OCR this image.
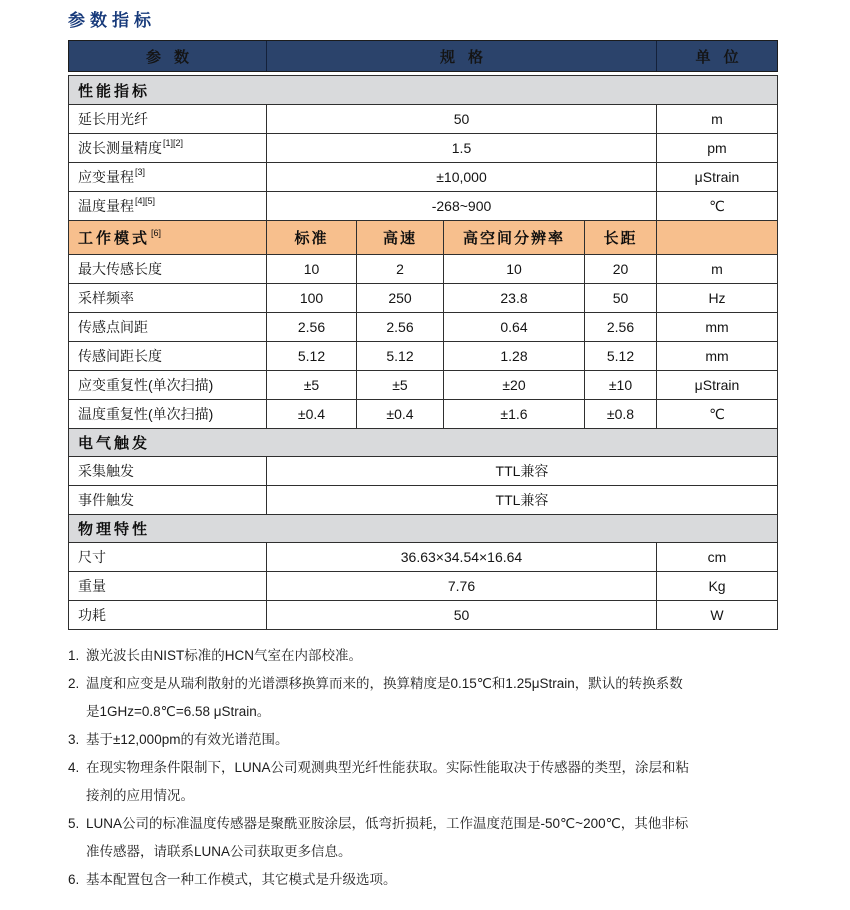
参数指标
参数	规格	单位
性能指标
延长用光纤	50	m
波长测量精度[1][2]	1.5	pm
应变量程[3]	±10,000	μStrain
温度量程[4][5]	-268~900	℃
工作模式[6]	标准	高速	高空间分辨率	长距
最大传感长度	10	2	10	20	m
采样频率	100	250	23.8	50	Hz
传感点间距	2.56	2.56	0.64	2.56	mm
传感间距长度	5.12	5.12	1.28	5.12	mm
应变重复性(单次扫描)	±5	±5	±20	±10	μStrain
温度重复性(单次扫描)	±0.4	±0.4	±1.6	±0.8	℃
电气触发
采集触发	TTL兼容
事件触发	TTL兼容
物理特性
尺寸	36.63×34.54×16.64	cm
重量	7.76	Kg
功耗	50	W
1. 激光波长由NIST标准的HCN气室在内部校准。
2. 温度和应变是从瑞利散射的光谱漂移换算而来的，换算精度是0.15℃和1.25μStrain，默认的转换系数
是1GHz=0.8℃=6.58 μStrain。
3. 基于±12,000pm的有效光谱范围。
4. 在现实物理条件限制下，LUNA公司观测典型光纤性能获取。实际性能取决于传感器的类型，涂层和粘
接剂的应用情况。
5. LUNA公司的标准温度传感器是聚酰亚胺涂层，低弯折损耗，工作温度范围是-50℃~200℃，其他非标
准传感器，请联系LUNA公司获取更多信息。
6. 基本配置包含一种工作模式，其它模式是升级选项。
